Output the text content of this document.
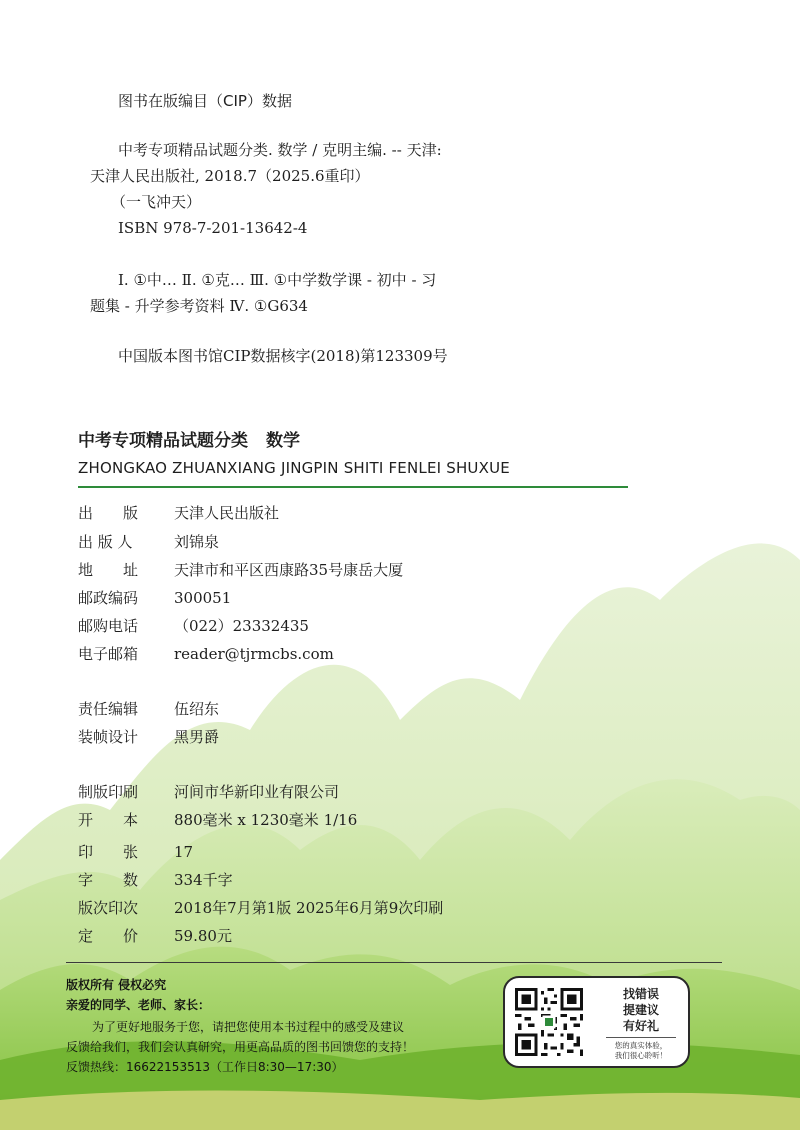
图书在版编目（CIP）数据
中考专项精品试题分类. 数学 / 克明主编. -- 天津:
天津人民出版社, 2018.7（2025.6重印）
（一飞冲天）
ISBN 978-7-201-13642-4
Ⅰ. ①中… Ⅱ. ①克… Ⅲ. ①中学数学课 - 初中 - 习
题集 - 升学参考资料 Ⅳ. ①G634
中国版本图书馆CIP数据核字(2018)第123309号
中考专项精品试题分类 数学
ZHONGKAO ZHUANXIANG JINGPIN SHITI FENLEI SHUXUE
出　　版 天津人民出版社
出 版 人	刘锦泉
地　　址 天津市和平区西康路35号康岳大厦
邮政编码 300051
邮购电话 （022）23332435
电子邮箱 reader@tjrmcbs.com
责任编辑 伍绍东
装帧设计 黑男爵
制版印刷 河间市华新印业有限公司
开　　本 880毫米 x 1230毫米 1/16
印　　张 17
字　　数 334千字
版次印次 2018年7月第1版 2025年6月第9次印刷
定　　价 59.80元
版权所有 侵权必究
亲爱的同学、老师、家长：
为了更好地服务于您，请把您使用本书过程中的感受及建议
反馈给我们，我们会认真研究，用更高品质的图书回馈您的支持！
反馈热线：16622153513（工作日8:30—17:30）
找错误
提建议
有好礼
您的真实体验，
我们很心聆听！
